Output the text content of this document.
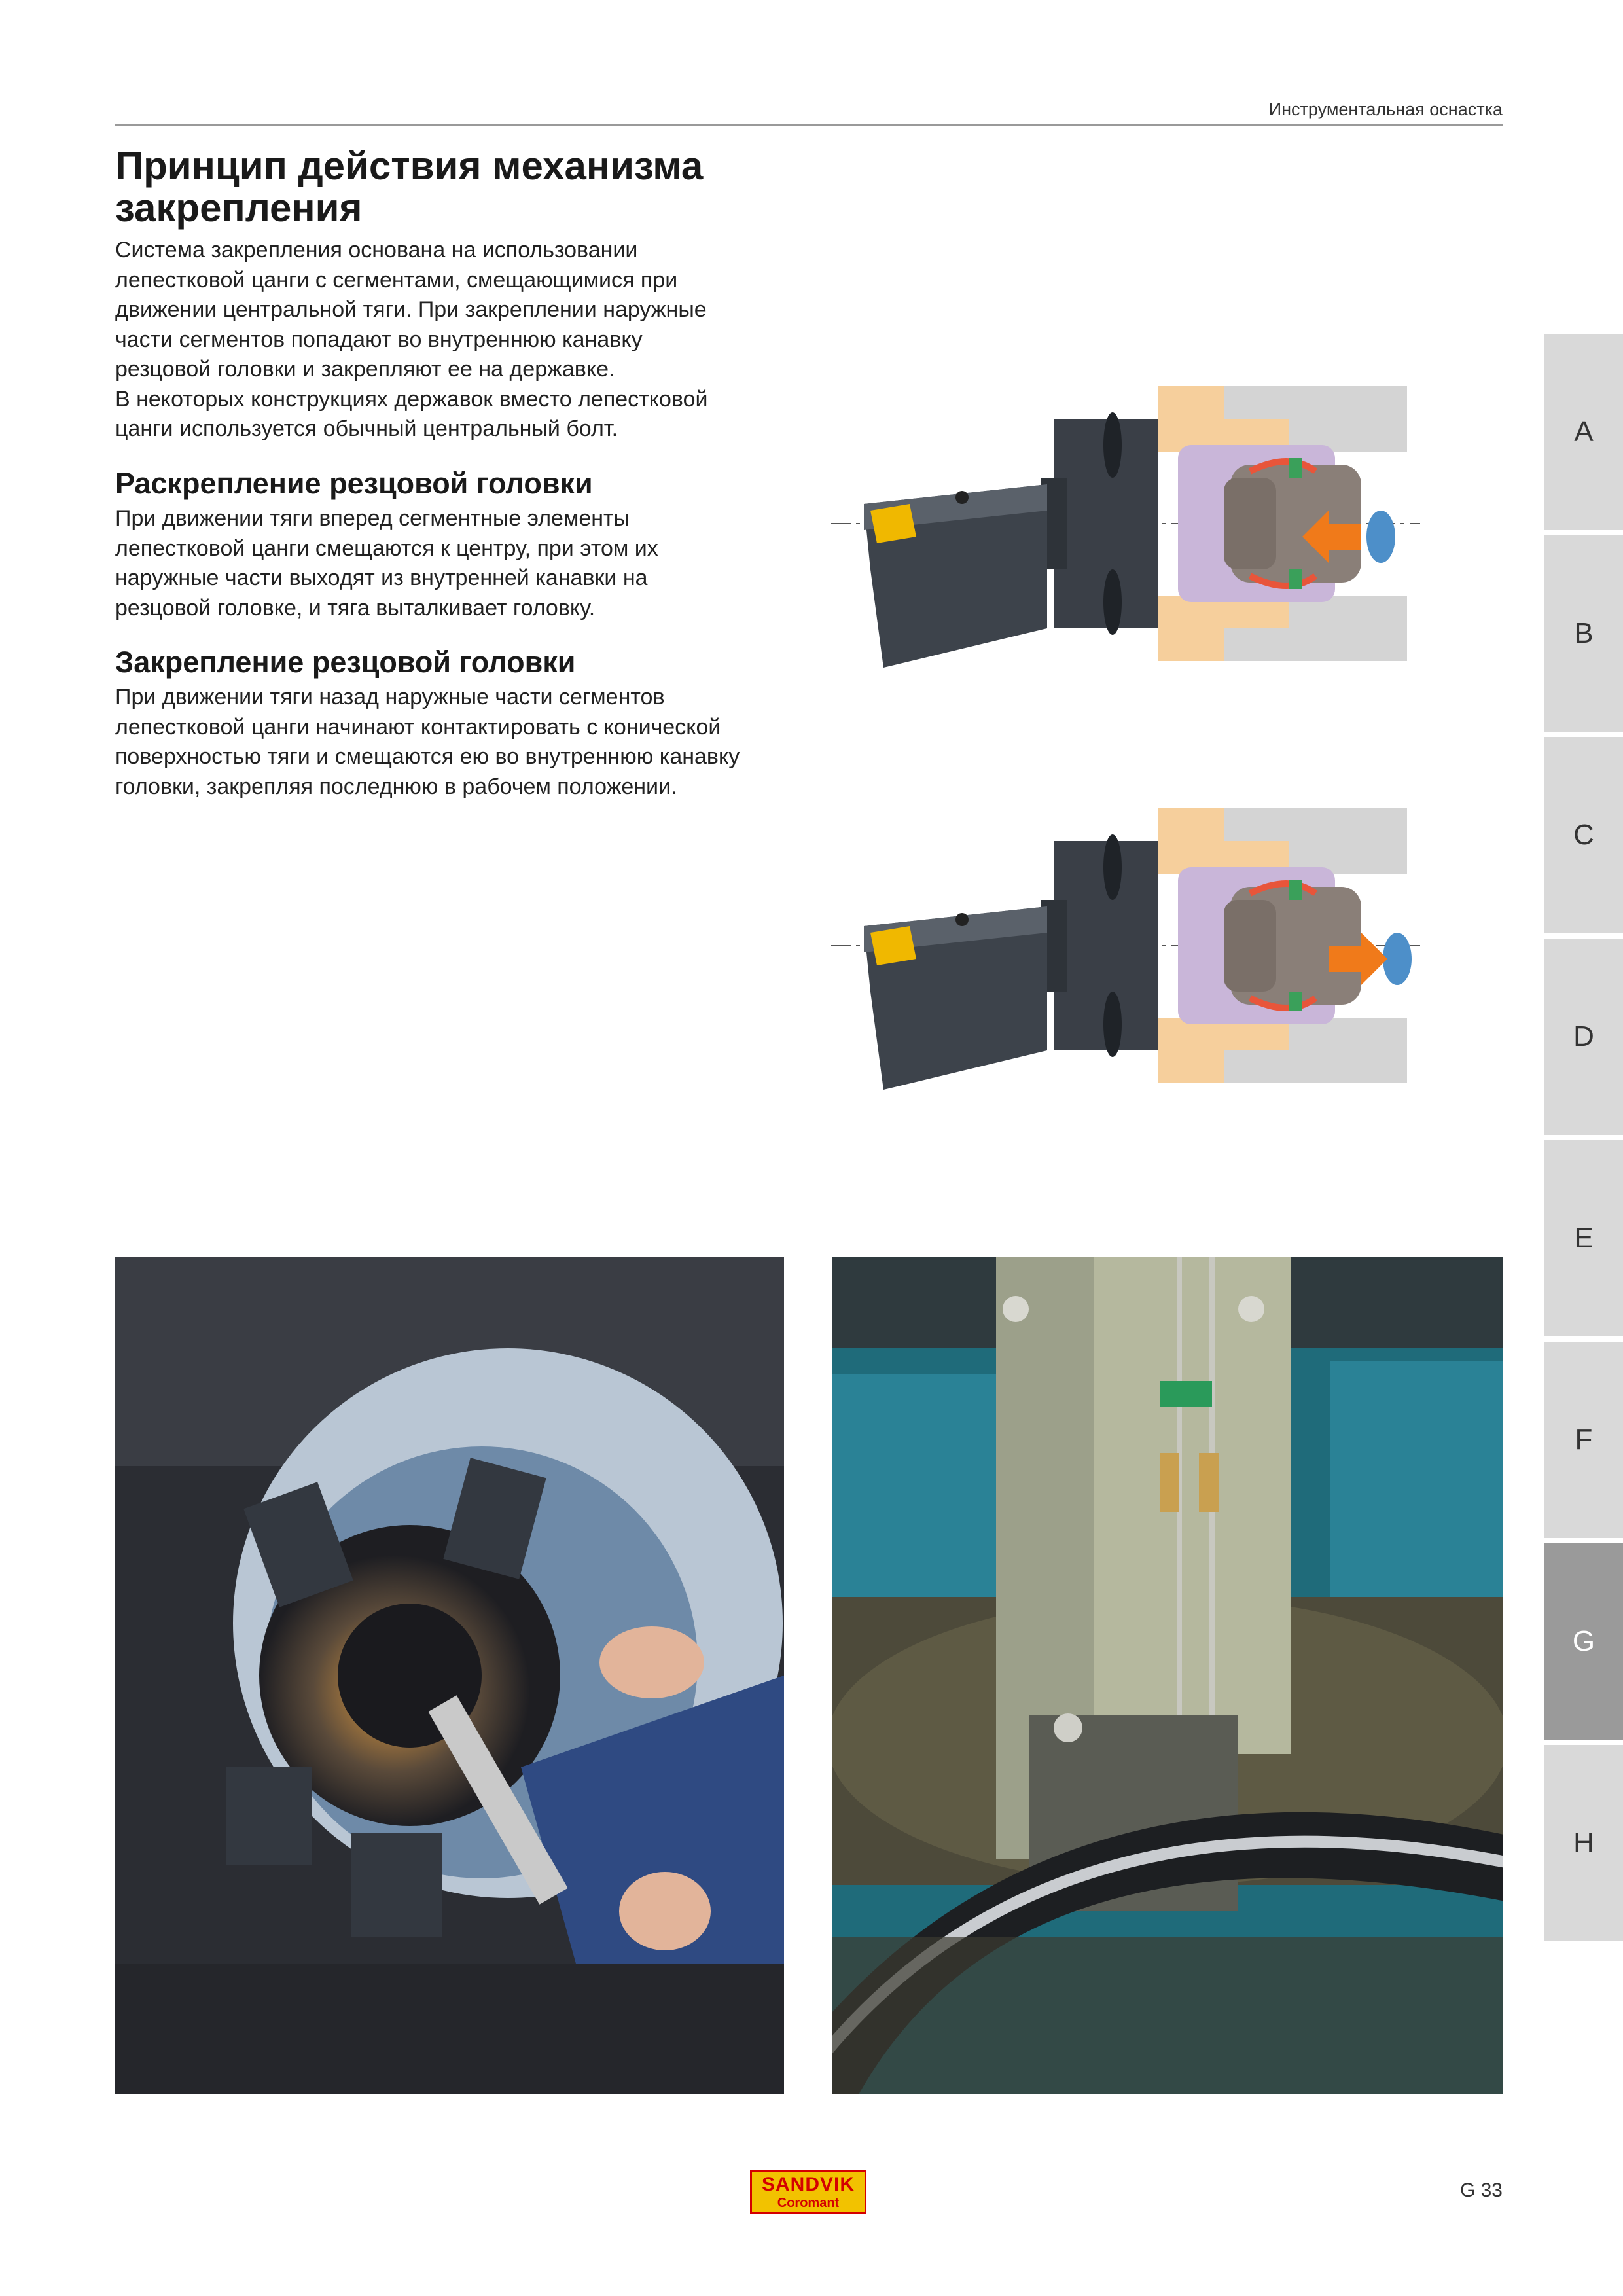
Инструментальная оснастка
Принцип действия механизма закрепления

Система закрепления основана на использовании
лепестковой цанги с сегментами, смещающимися при
движении центральной тяги. При закреплении наружные
части сегментов попадают во внутреннюю канавку
резцовой головки и закрепляют ее на державке.
В некоторых конструкциях державок вместо лепестковой
цанги используется обычный центральный болт.

Раскрепление резцовой головки

При движении тяги вперед сегментные элементы
лепестковой цанги смещаются к центру, при этом их
наружные части выходят из внутренней канавки на
резцовой головке, и тяга выталкивает головку.

Закрепление резцовой головки

При движении тяги назад наружные части сегментов
лепестковой цанги начинают контактировать с конической
поверхностью тяги и смещаются ею во внутреннюю канавку
головки, закрепляя последнюю в рабочем положении.

A
B
C
D
E
F
G
H
SANDVIK
Coromant
G 33
